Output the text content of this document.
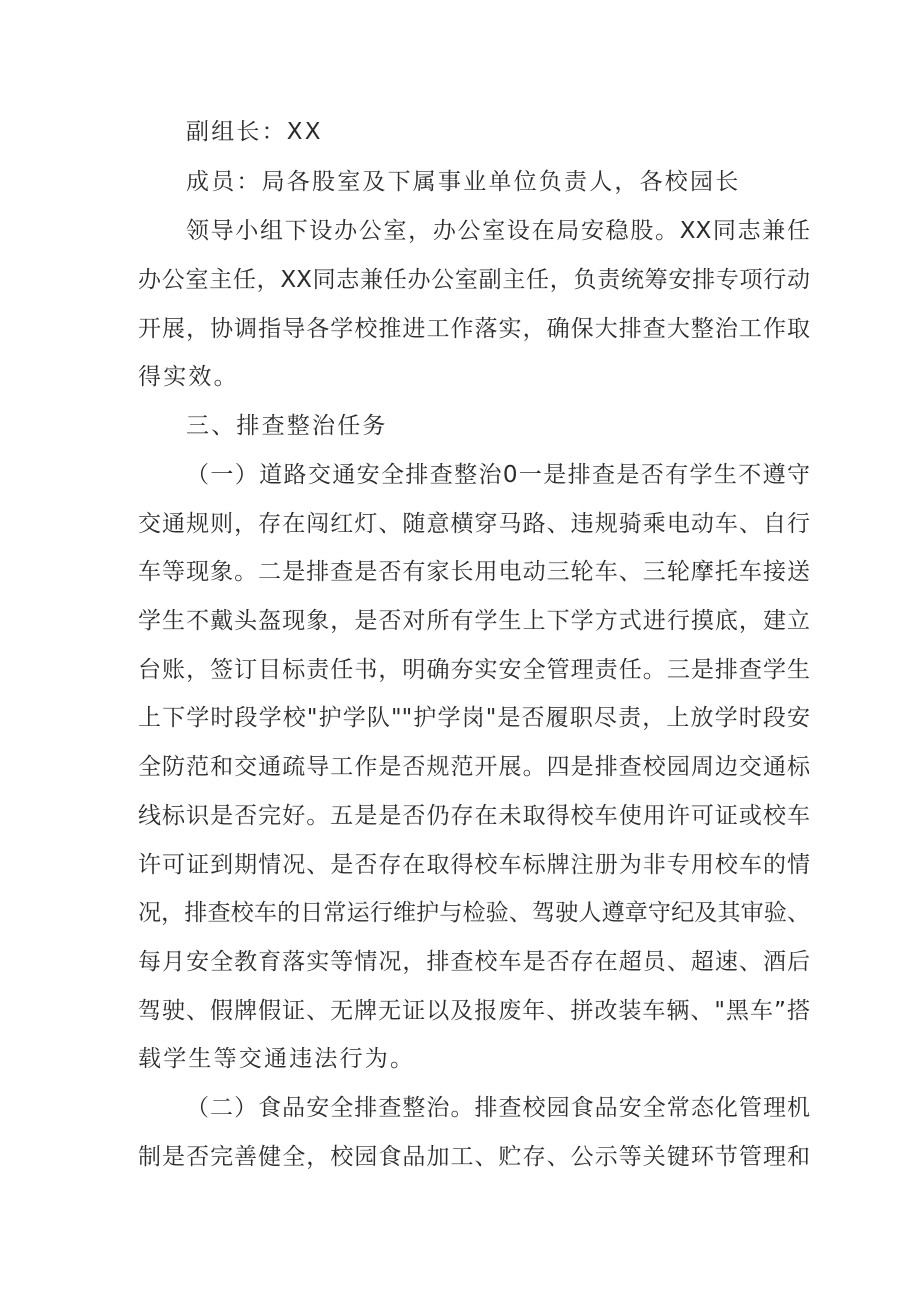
副组长：XX
成员：局各股室及下属事业单位负责人，各校园长
领导小组下设办公室，办公室设在局安稳股。XX同志兼任
办公室主任，XX同志兼任办公室副主任，负责统筹安排专项行动
开展，协调指导各学校推进工作落实，确保大排查大整治工作取
得实效。
三、排查整治任务
（一）道路交通安全排查整治0一是排查是否有学生不遵守
交通规则，存在闯红灯、随意横穿马路、违规骑乘电动车、自行
车等现象。二是排查是否有家长用电动三轮车、三轮摩托车接送
学生不戴头盔现象，是否对所有学生上下学方式进行摸底，建立
台账，签订目标责任书，明确夯实安全管理责任。三是排查学生
上下学时段学校"护学队""护学岗"是否履职尽责，上放学时段安
全防范和交通疏导工作是否规范开展。四是排查校园周边交通标
线标识是否完好。五是是否仍存在未取得校车使用许可证或校车
许可证到期情况、是否存在取得校车标牌注册为非专用校车的情
况，排查校车的日常运行维护与检验、驾驶人遵章守纪及其审验、
每月安全教育落实等情况，排查校车是否存在超员、超速、酒后
驾驶、假牌假证、无牌无证以及报废年、拼改装车辆、"黑车”搭
载学生等交通违法行为。
（二）食品安全排查整治。排查校园食品安全常态化管理机
制是否完善健全，校园食品加工、贮存、公示等关键环节管理和
